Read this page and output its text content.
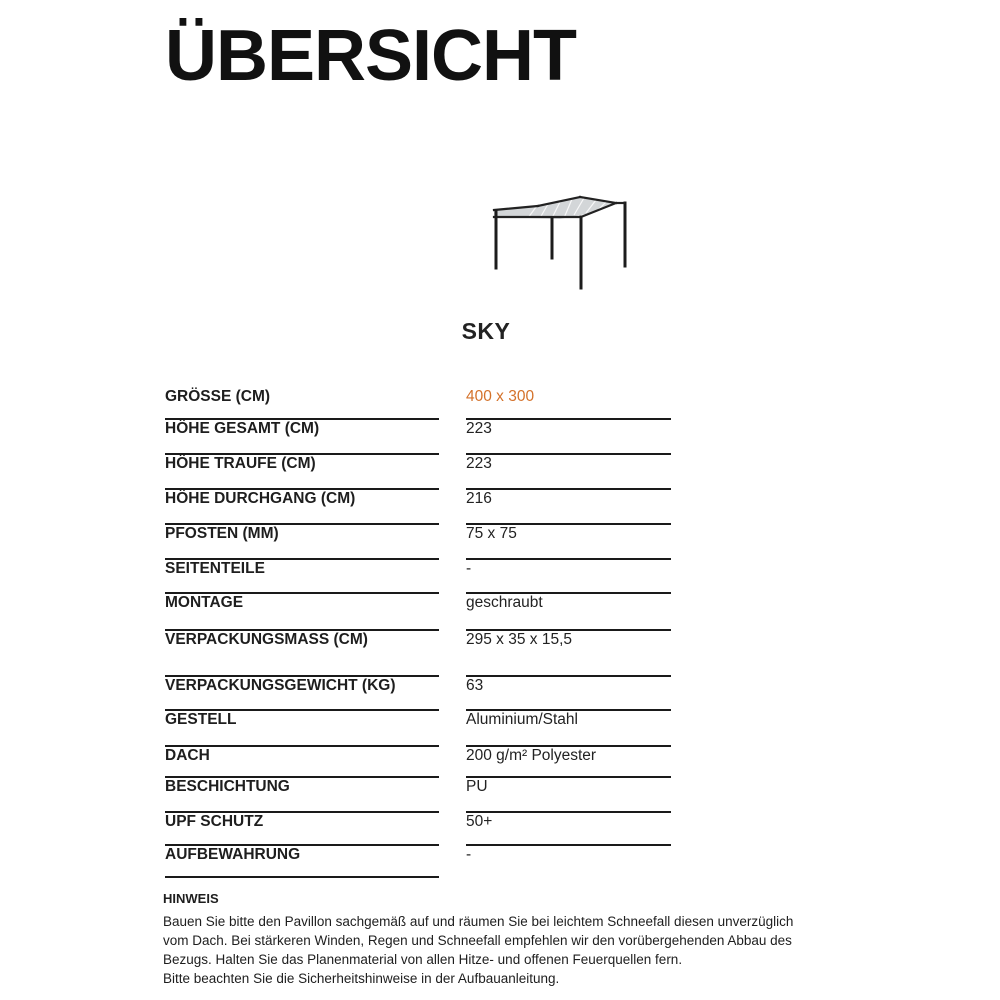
ÜBERSICHT
SKY
GRÖSSE (CM)	400 x 300
HÖHE GESAMT (CM)	223
HÖHE TRAUFE (CM)	223
HÖHE DURCHGANG (CM)	216
PFOSTEN (MM)	75 x 75
SEITENTEILE	-
MONTAGE	geschraubt
VERPACKUNGSMASS (CM)	295 x 35 x 15,5
VERPACKUNGSGEWICHT (KG)	63
GESTELL	Aluminium/Stahl
DACH	200 g/m² Polyester
BESCHICHTUNG	PU
UPF SCHUTZ	50+
AUFBEWAHRUNG	-

HINWEIS

Bauen Sie bitte den Pavillon sachgemäß auf und räumen Sie bei leichtem Schneefall diesen unverzüglich

vom Dach. Bei stärkeren Winden, Regen und Schneefall empfehlen wir den vorübergehenden Abbau des

Bezugs. Halten Sie das Planenmaterial von allen Hitze- und offenen Feuerquellen fern.

Bitte beachten Sie die Sicherheitshinweise in der Aufbauanleitung.
